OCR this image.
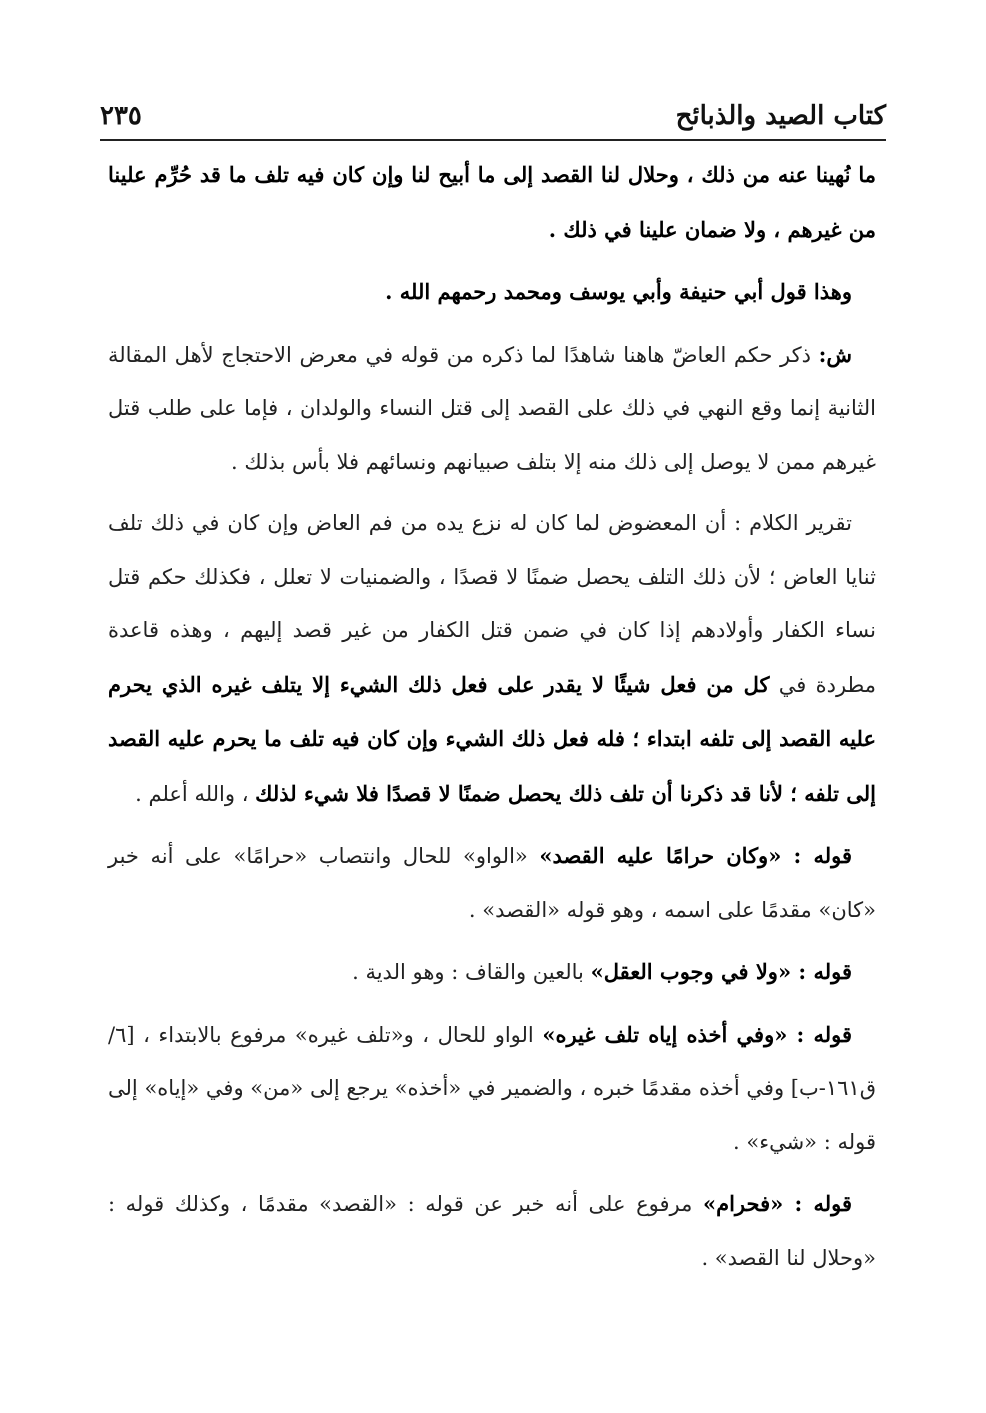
كتاب الصيد والذبائح
٢٣٥

ما نُهينا عنه من ذلك ، وحلال لنا القصد إلى ما أبيح لنا وإن كان فيه تلف ما قد حُرِّم علينا من غيرهم ، ولا ضمان علينا في ذلك .

وهذا قول أبي حنيفة وأبي يوسف ومحمد رحمهم الله .

ش: ذكر حكم العاضّ هاهنا شاهدًا لما ذكره من قوله في معرض الاحتجاج لأهل المقالة الثانية إنما وقع النهي في ذلك على القصد إلى قتل النساء والولدان ، فإما على طلب قتل غيرهم ممن لا يوصل إلى ذلك منه إلا بتلف صبيانهم ونسائهم فلا بأس بذلك .

تقرير الكلام : أن المعضوض لما كان له نزع يده من فم العاض وإن كان في ذلك تلف ثنايا العاض ؛ لأن ذلك التلف يحصل ضمنًا لا قصدًا ، والضمنيات لا تعلل ، فكذلك حكم قتل نساء الكفار وأولادهم إذا كان في ضمن قتل الكفار من غير قصد إليهم ، وهذه قاعدة مطردة في كل من فعل شيئًا لا يقدر على فعل ذلك الشيء إلا يتلف غيره الذي يحرم عليه القصد إلى تلفه ابتداء ؛ فله فعل ذلك الشيء وإن كان فيه تلف ما يحرم عليه القصد إلى تلفه ؛ لأنا قد ذكرنا أن تلف ذلك يحصل ضمنًا لا قصدًا فلا شيء لذلك ، والله أعلم .

قوله : «وكان حرامًا عليه القصد» «الواو» للحال وانتصاب «حرامًا» على أنه خبر «كان» مقدمًا على اسمه ، وهو قوله «القصد» .

قوله : «ولا في وجوب العقل» بالعين والقاف : وهو الدية .

قوله : «وفي أخذه إياه تلف غيره» الواو للحال ، و«تلف غيره» مرفوع بالابتداء ، [٦/ ق١٦١-ب] وفي أخذه مقدمًا خبره ، والضمير في «أخذه» يرجع إلى «من» وفي «إياه» إلى قوله : «شيء» .

قوله : «فحرام» مرفوع على أنه خبر عن قوله : «القصد» مقدمًا ، وكذلك قوله : «وحلال لنا القصد» .
